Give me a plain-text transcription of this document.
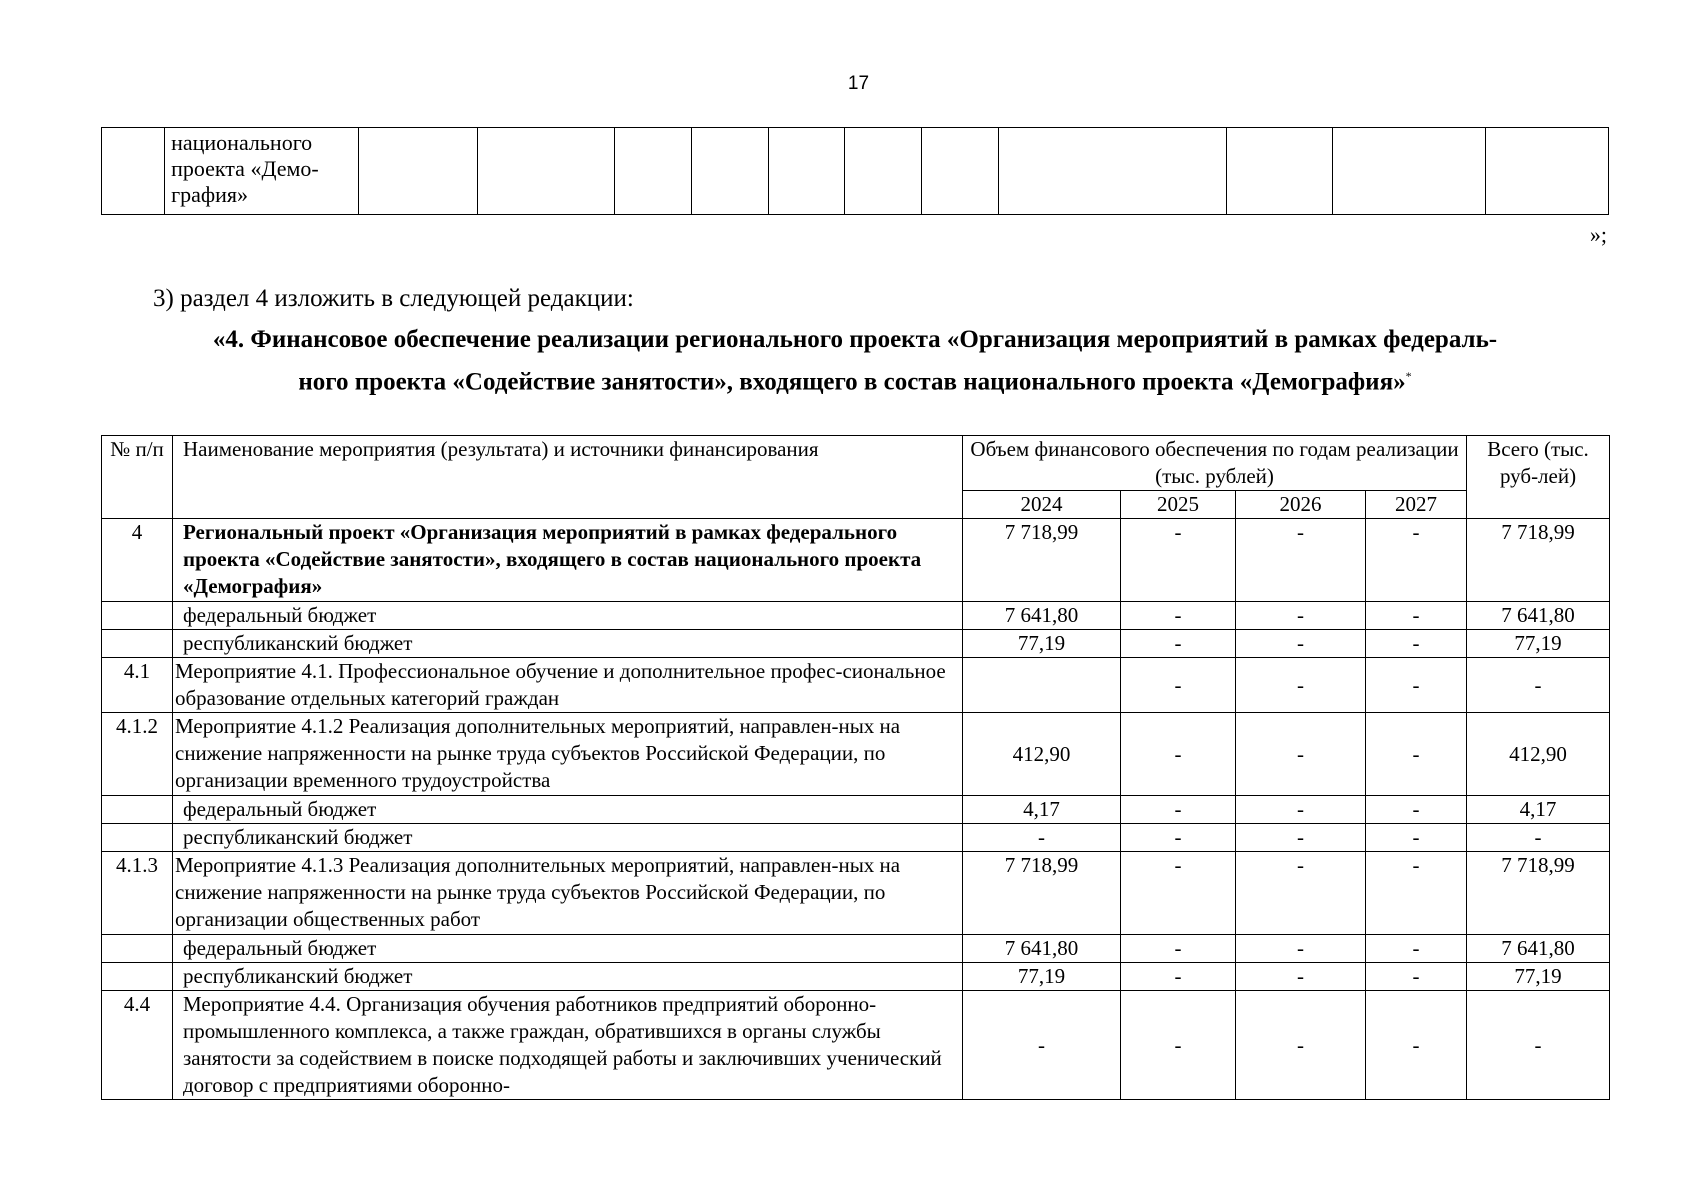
17

национального
проекта «Демо-
графия»

»;
3) раздел 4 изложить в следующей редакции:
«4. Финансовое обеспечение реализации регионального проекта «Организация мероприятий в рамках федераль-
ного проекта «Содействие занятости», входящего в состав национального проекта «Демография»*
№ п/п	Наименование мероприятия (результата) и источники финансирования	Объем финансового обеспечения по годам реализации (тыс. рублей)				Всего (тыс. руб-лей)
		2024	2025	2026	2027	
4	Региональный проект «Организация мероприятий в рамках федерального проекта «Содействие занятости», входящего в состав национального проекта «Демография»	7 718,99	-	-	-	7 718,99
	федеральный бюджет	7 641,80	-	-	-	7 641,80
	республиканский бюджет	77,19	-	-	-	77,19
4.1	Мероприятие 4.1. Профессиональное обучение и дополнительное профес-сиональное образование отдельных категорий граждан		-	-	-	-
4.1.2	Мероприятие 4.1.2 Реализация дополнительных мероприятий, направлен-ных на снижение напряженности на рынке труда субъектов Российской Федерации, по организации временного трудоустройства	412,90	-	-	-	412,90
	федеральный бюджет	4,17	-	-	-	4,17
	республиканский бюджет	-	-	-	-	-
4.1.3	Мероприятие 4.1.3 Реализация дополнительных мероприятий, направлен-ных на снижение напряженности на рынке труда субъектов Российской Федерации, по организации общественных работ	7 718,99	-	-	-	7 718,99
	федеральный бюджет	7 641,80	-	-	-	7 641,80
	республиканский бюджет	77,19	-	-	-	77,19
4.4	Мероприятие 4.4. Организация обучения работников предприятий оборонно-промышленного комплекса, а также граждан, обратившихся в органы службы занятости за содействием в поиске подходящей работы и заключивших ученический договор с предприятиями оборонно-	-	-	-	-	-
